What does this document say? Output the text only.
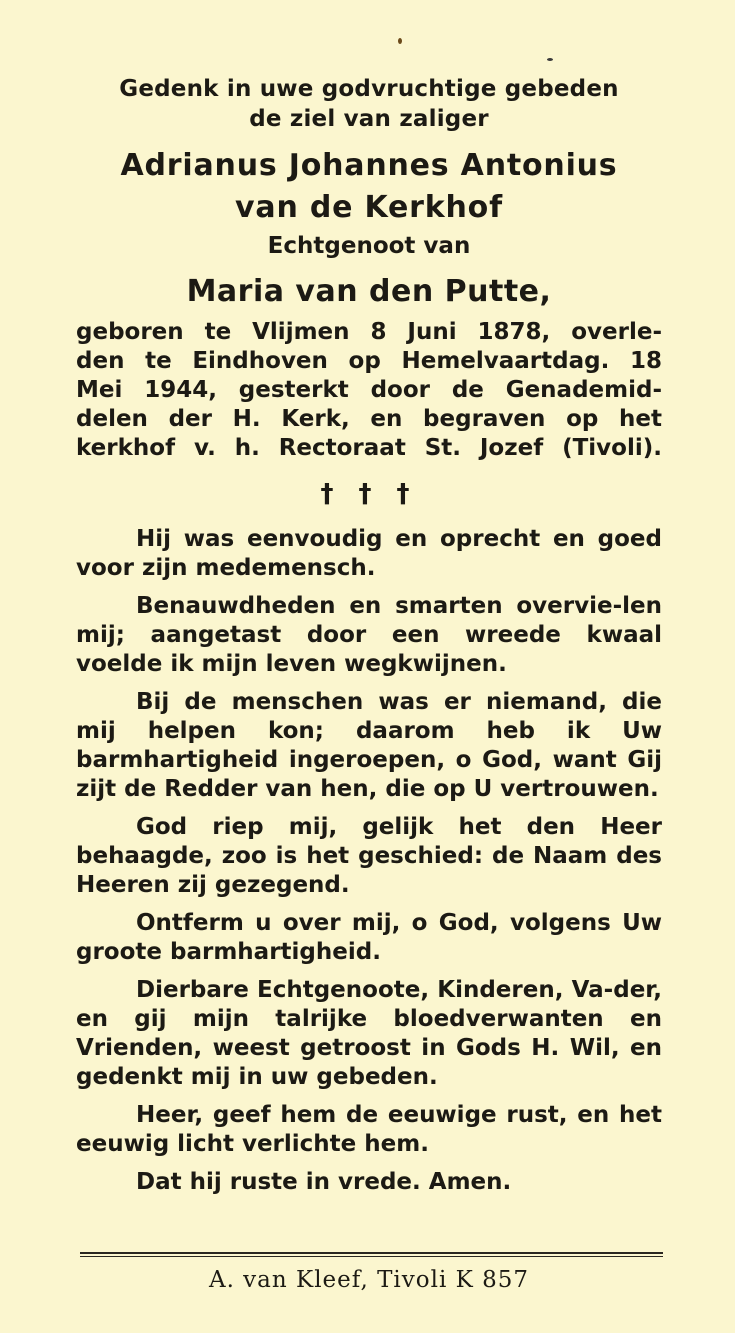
Gedenk in uwe godvruchtige gebeden
de ziel van zaliger
Adrianus Johannes Antonius
van de Kerkhof
Echtgenoot van
Maria van den Putte,
geboren te Vlijmen 8 Juni 1878, overle-
den te Eindhoven op Hemelvaartdag. 18
Mei 1944, gesterkt door de Genademid-
delen der H. Kerk, en begraven op het
kerkhof v. h. Rectoraat St. Jozef (Tivoli).
† † †

Hij was eenvoudig en oprecht en goed voor zijn medemensch.

Benauwdheden en smarten overvie-len mij; aangetast door een wreede kwaal voelde ik mijn leven wegkwijnen.

Bij de menschen was er niemand, die mij helpen kon; daarom heb ik Uw barmhartigheid ingeroepen, o God, want Gij zijt de Redder van hen, die op U vertrouwen.

God riep mij, gelijk het den Heer behaagde, zoo is het geschied: de Naam des Heeren zij gezegend.

Ontferm u over mij, o God, volgens Uw groote barmhartigheid.

Dierbare Echtgenoote, Kinderen, Va-der, en gij mijn talrijke bloedverwanten en Vrienden, weest getroost in Gods H. Wil, en gedenkt mij in uw gebeden.

Heer, geef hem de eeuwige rust, en het eeuwig licht verlichte hem.

Dat hij ruste in vrede. Amen.

A. van Kleef, Tivoli K 857
